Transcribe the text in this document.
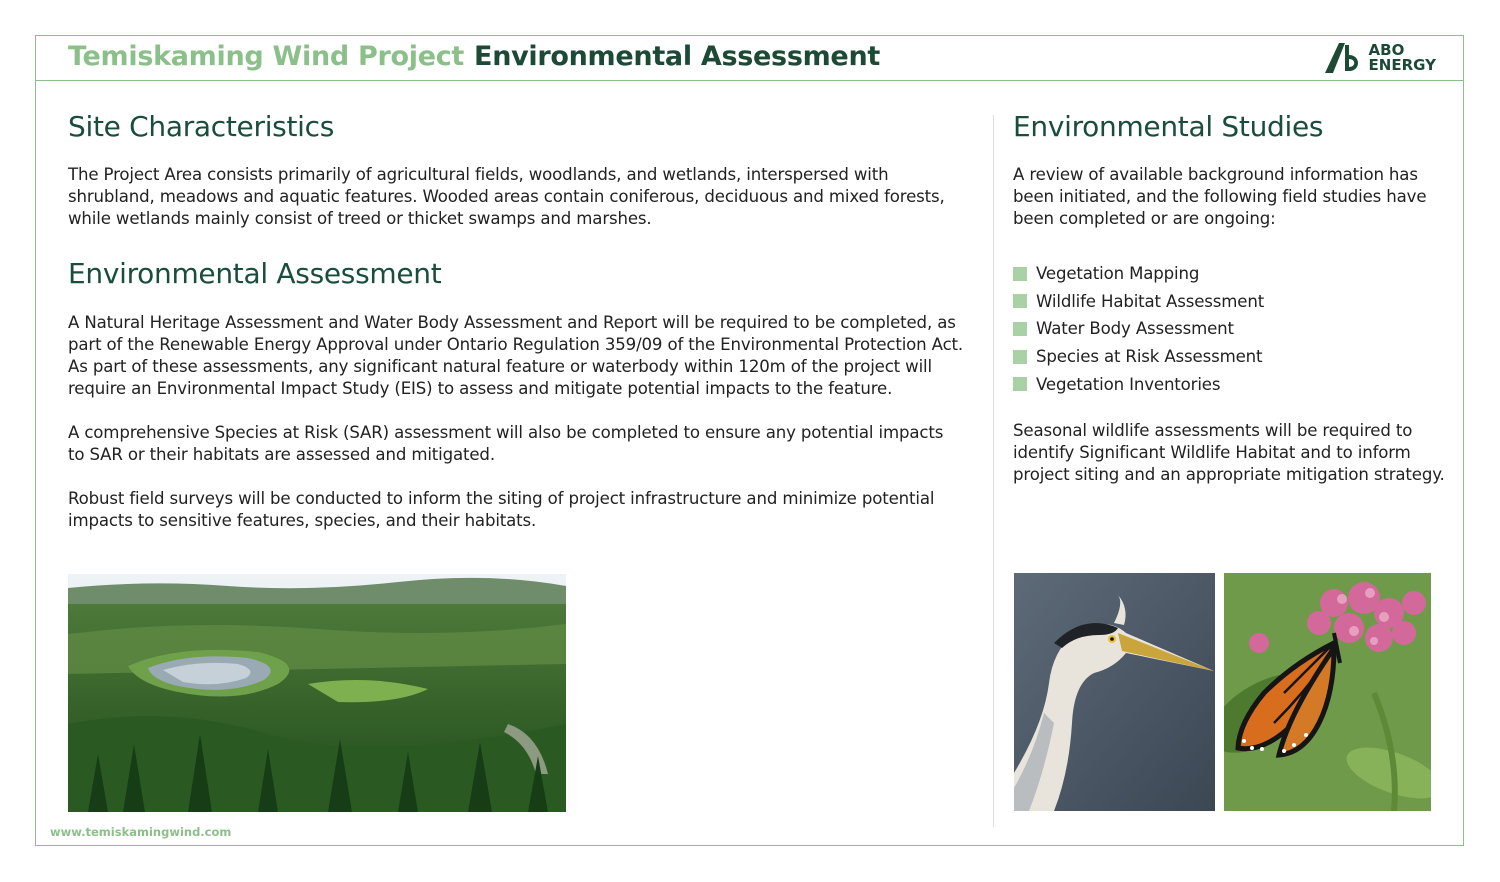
Temiskaming Wind Project Environmental Assessment	ABO
ENERGY
Site Characteristics

The Project Area consists primarily of agricultural fields, woodlands, and wetlands, interspersed with shrubland, meadows and aquatic features. Wooded areas contain coniferous, deciduous and mixed forests, while wetlands mainly consist of treed or thicket swamps and marshes.

Environmental Assessment

A Natural Heritage Assessment and Water Body Assessment and Report will be required to be completed, as part of the Renewable Energy Approval under Ontario Regulation 359/09 of the Environmental Protection Act. As part of these assessments, any significant natural feature or waterbody within 120m of the project will require an Environmental Impact Study (EIS) to assess and mitigate potential impacts to the feature.

A comprehensive Species at Risk (SAR) assessment will also be completed to ensure any potential impacts to SAR or their habitats are assessed and mitigated.

Robust field surveys will be conducted to inform the siting of project infrastructure and minimize potential impacts to sensitive features, species, and their habitats.

Environmental Studies

A review of available background information has been initiated, and the following field studies have been completed or are ongoing:

Vegetation Mapping
Wildlife Habitat Assessment
Water Body Assessment
Species at Risk Assessment
Vegetation Inventories

Seasonal wildlife assessments will be required to identify Significant Wildlife Habitat and to inform project siting and an appropriate mitigation strategy.

www.temiskamingwind.com
